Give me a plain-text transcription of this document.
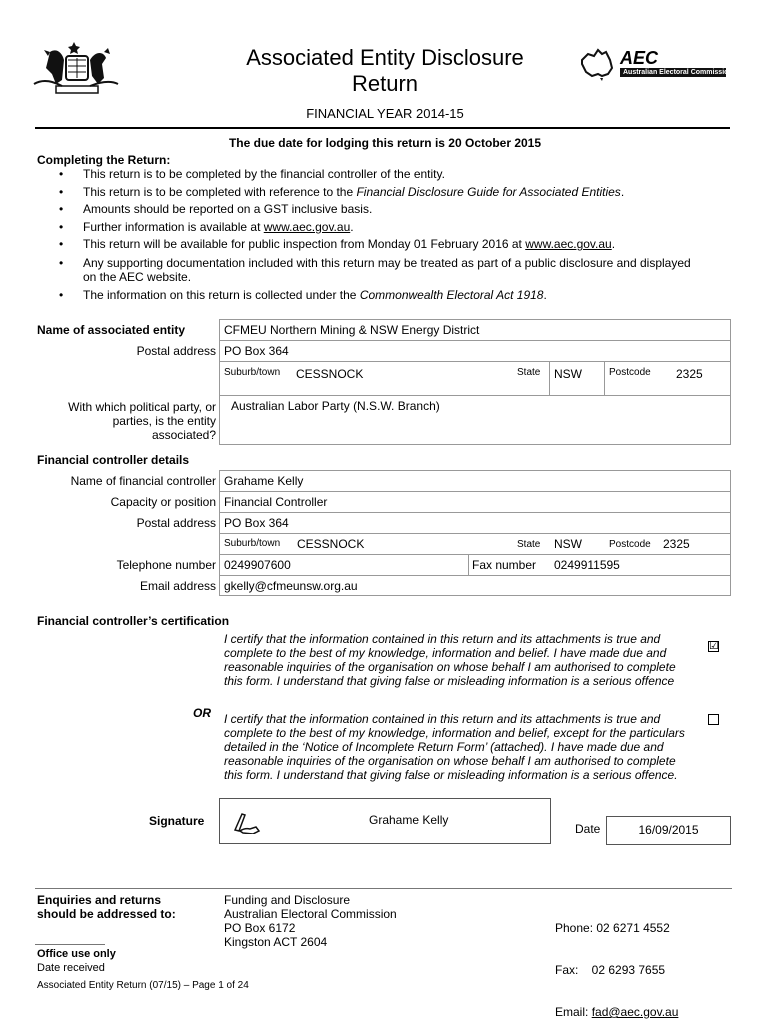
Associated Entity Disclosure
Return
FINANCIAL YEAR 2014-15
AEC
Australian Electoral Commission
The due date for lodging this return is 20 October 2015
Completing the Return:
• This return is to be completed by the financial controller of the entity.
• This return is to be completed with reference to the Financial Disclosure Guide for Associated Entities.
• Amounts should be reported on a GST inclusive basis.
• Further information is available at www.aec.gov.au.
• This return will be available for public inspection from Monday 01 February 2016 at www.aec.gov.au.
• Any supporting documentation included with this return may be treated as part of a public disclosure and displayed on the AEC website.
• The information on this return is collected under the Commonwealth Electoral Act 1918.
Name of associated entity	CFMEU Northern Mining & NSW Energy District
Postal address PO Box 364
Suburb/town CESSNOCK	State NSW	Postcode 2325
With which political party, or
parties, is the entity
associated?
Australian Labor Party (N.S.W. Branch)
Financial controller details
Name of financial controller Grahame Kelly
Capacity or position Financial Controller
Postal address PO Box 364
Suburb/town CESSNOCK	State NSW	Postcode 2325
Telephone number 0249907600	Fax number 0249911595
Email address gkelly@cfmeunsw.org.au
Financial controller’s certification
I certify that the information contained in this return and its attachments is true and complete to the best of my knowledge, information and belief. I have made due and reasonable inquiries of the organisation on whose behalf I am authorised to complete this form. I understand that giving false or misleading information is a serious offence
☑
OR I certify that the information contained in this return and its attachments is true and complete to the best of my knowledge, information and belief, except for the particulars detailed in the ‘Notice of Incomplete Return Form’ (attached). I have made due and reasonable inquiries of the organisation on whose behalf I am authorised to complete this form. I understand that giving false or misleading information is a serious offence.
Signature	Grahame Kelly
Date	16/09/2015
Enquiries and returns
should be addressed to:
Funding and Disclosure
Australian Electoral Commission
PO Box 6172
Kingston ACT 2604

Phone: 02 6271 4552

Fax:    02 6293 7655

Email: fad@aec.gov.au

Office use only
Date received
Associated Entity Return (07/15) – Page 1 of 24
